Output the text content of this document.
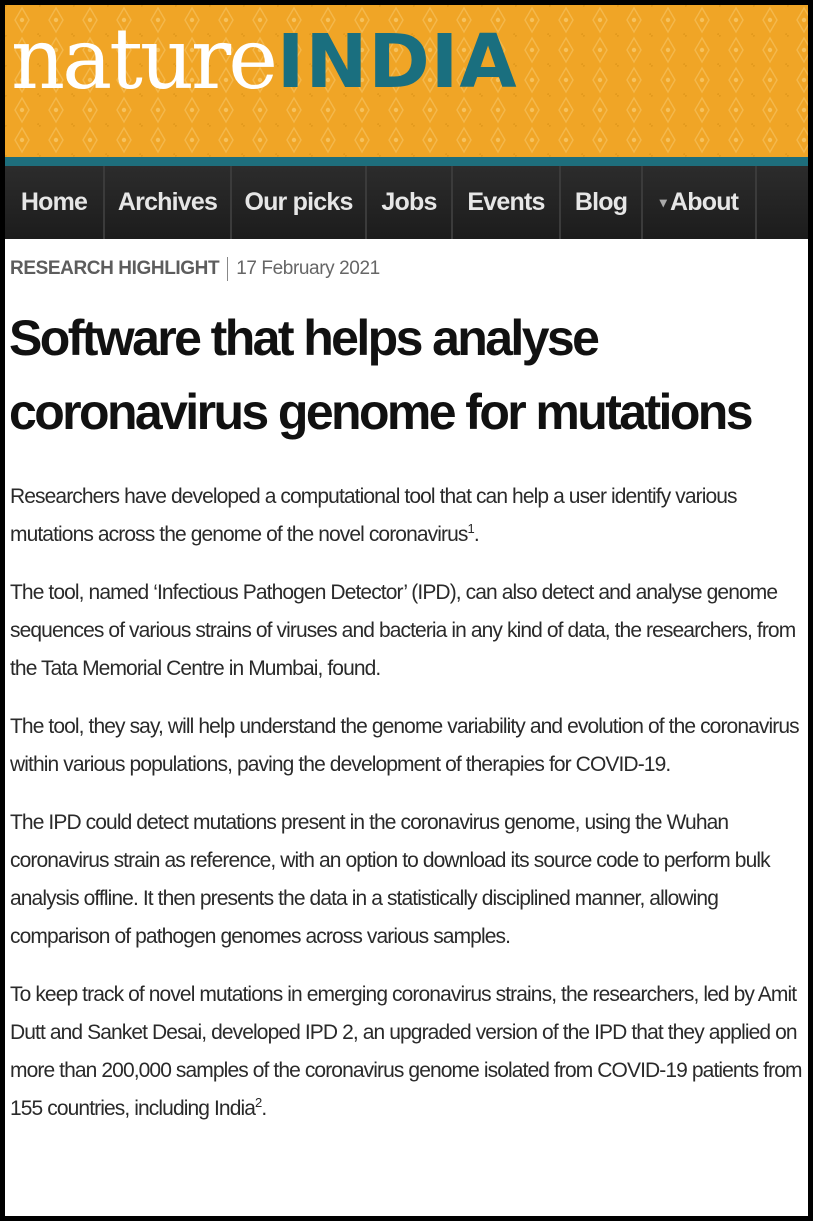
natureINDIA
Home	Archives	Our picks	Jobs	Events	Blog	▾ About
RESEARCH HIGHLIGHT 17 February 2021
Software that helps analyse coronavirus genome for mutations

Researchers have developed a computational tool that can help a user identify various mutations across the genome of the novel coronavirus$^1$.

The tool, named ‘Infectious Pathogen Detector’ (IPD), can also detect and analyse genome sequences of various strains of viruses and bacteria in any kind of data, the researchers, from the Tata Memorial Centre in Mumbai, found.

The tool, they say, will help understand the genome variability and evolution of the coronavirus within various populations, paving the development of therapies for COVID-19.

The IPD could detect mutations present in the coronavirus genome, using the Wuhan coronavirus strain as reference, with an option to download its source code to perform bulk analysis offline. It then presents the data in a statistically disciplined manner, allowing comparison of pathogen genomes across various samples.

To keep track of novel mutations in emerging coronavirus strains, the researchers, led by Amit Dutt and Sanket Desai, developed IPD 2, an upgraded version of the IPD that they applied on more than 200,000 samples of the coronavirus genome isolated from COVID-19 patients from 155 countries, including India$^2$.
